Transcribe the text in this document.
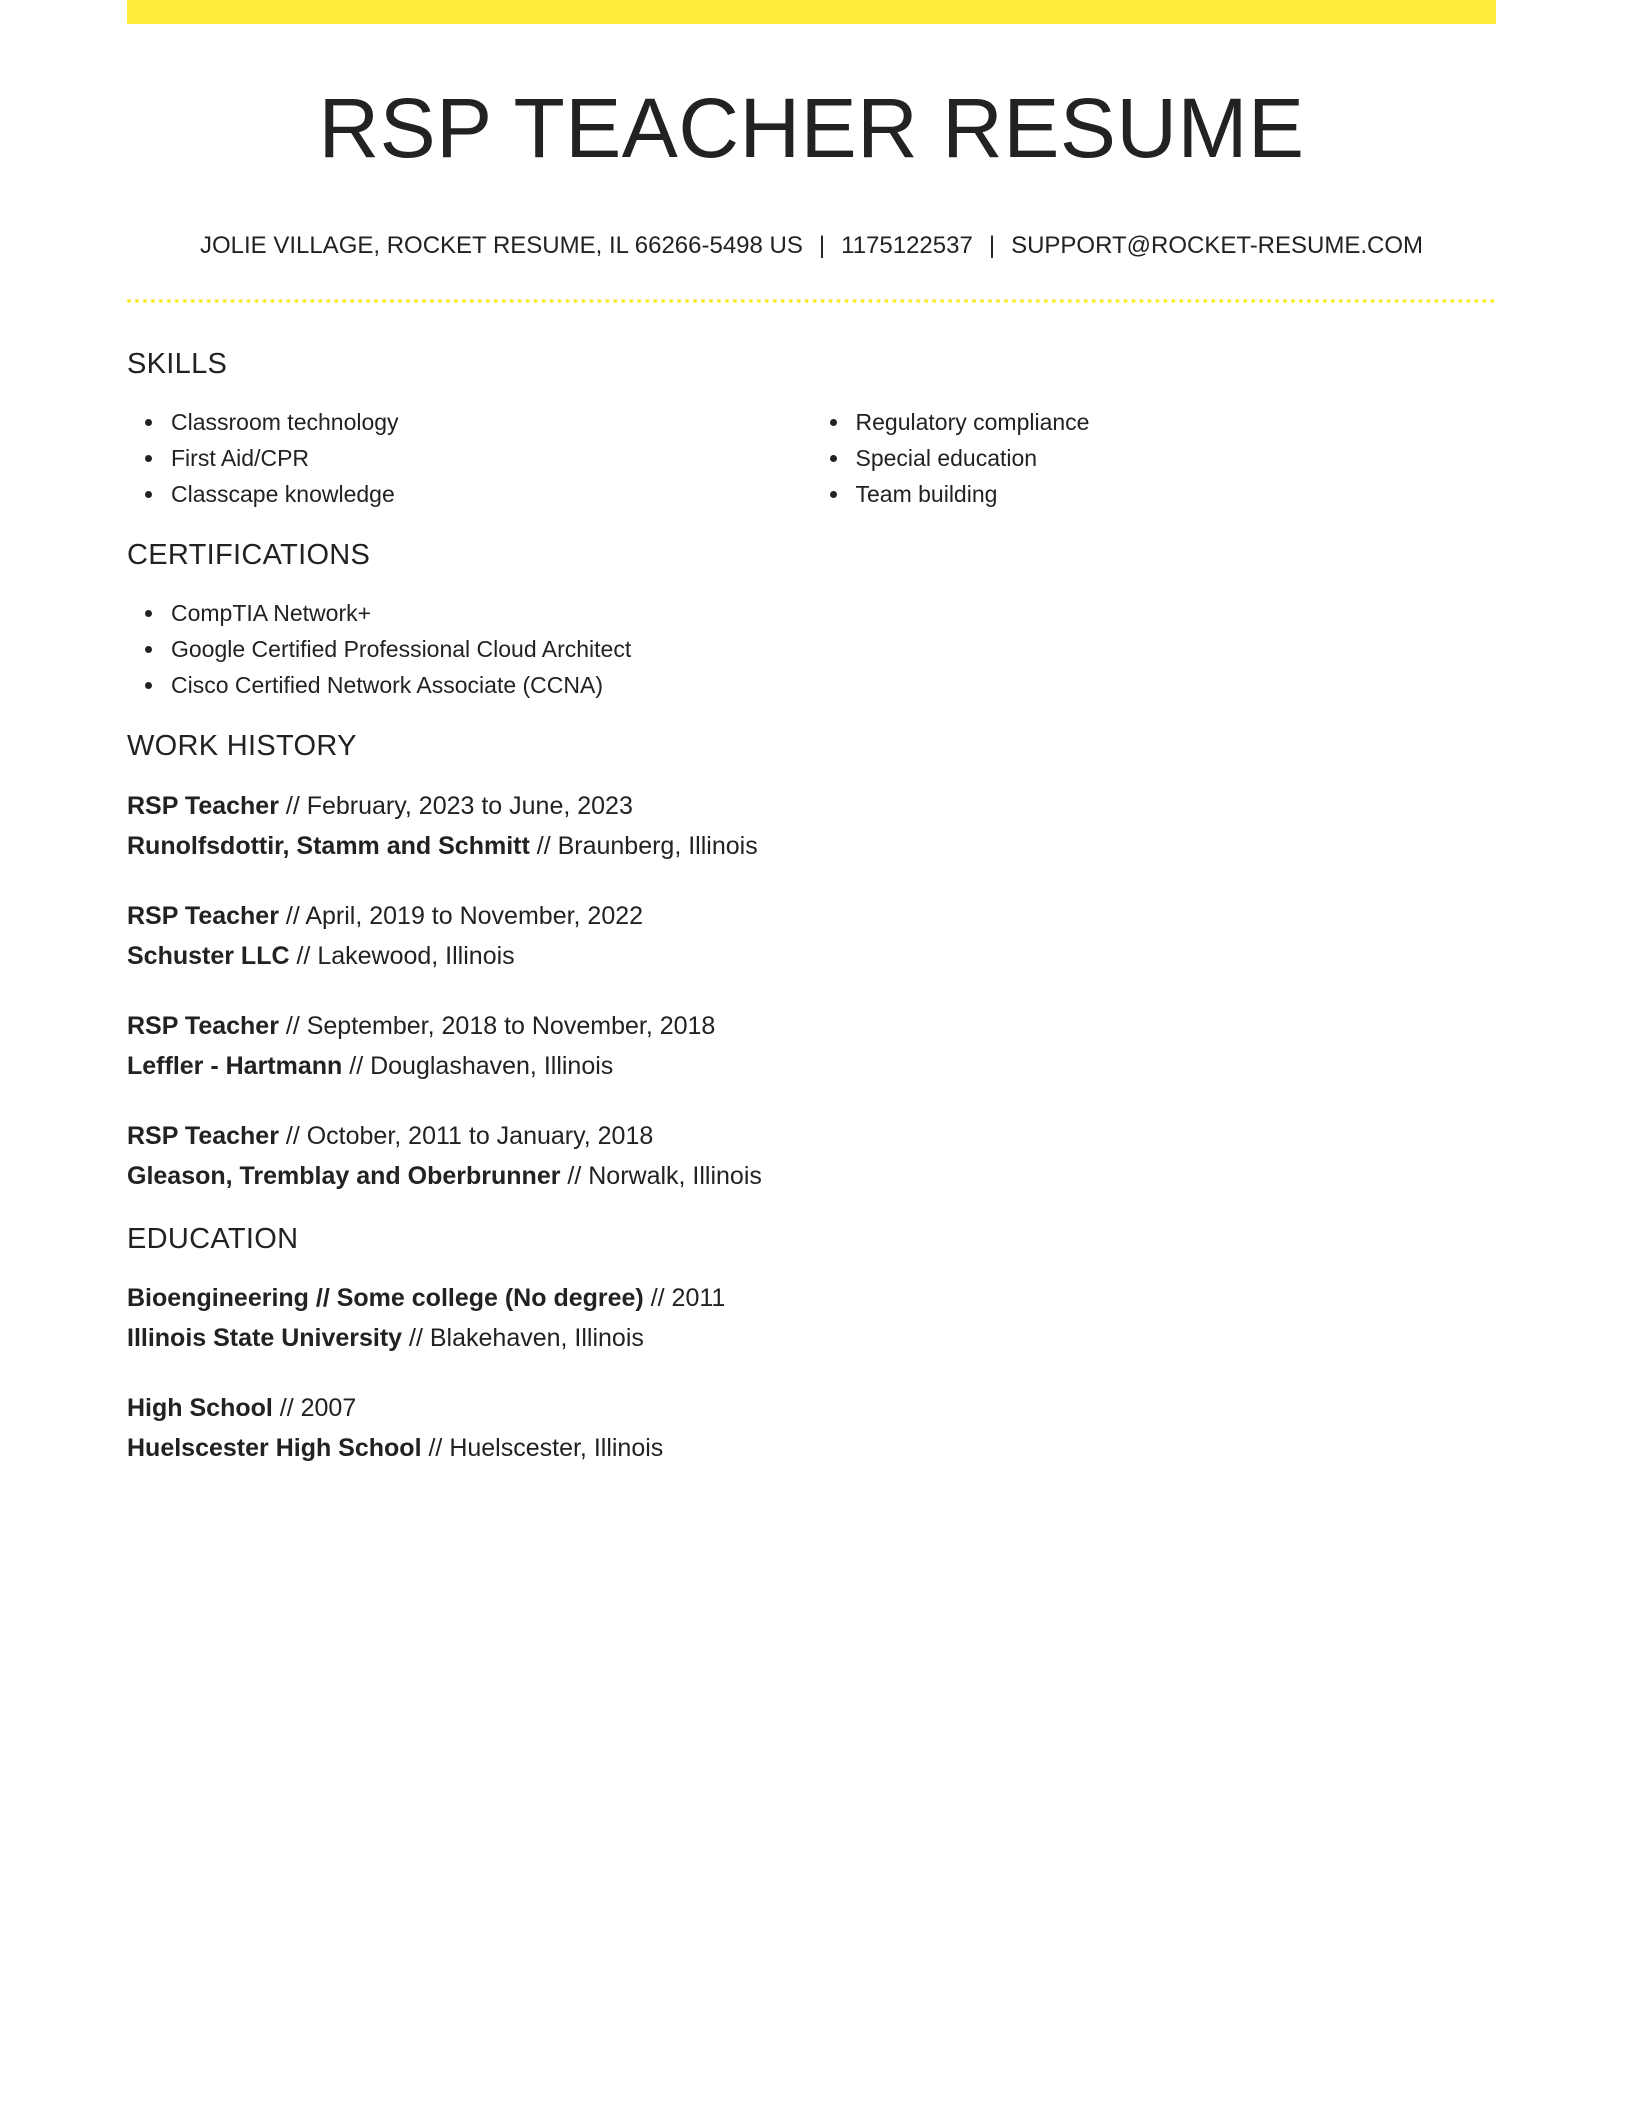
RSP TEACHER RESUME
JOLIE VILLAGE, ROCKET RESUME, IL 66266-5498 US | 1175122537 | SUPPORT@ROCKET-RESUME.COM
SKILLS
Classroom technology
First Aid/CPR
Classcape knowledge
Regulatory compliance
Special education
Team building
CERTIFICATIONS
CompTIA Network+
Google Certified Professional Cloud Architect
Cisco Certified Network Associate (CCNA)
WORK HISTORY
RSP Teacher // February, 2023 to June, 2023
Runolfsdottir, Stamm and Schmitt // Braunberg, Illinois
RSP Teacher // April, 2019 to November, 2022
Schuster LLC // Lakewood, Illinois
RSP Teacher // September, 2018 to November, 2018
Leffler - Hartmann // Douglashaven, Illinois
RSP Teacher // October, 2011 to January, 2018
Gleason, Tremblay and Oberbrunner // Norwalk, Illinois
EDUCATION
Bioengineering // Some college (No degree) // 2011
Illinois State University // Blakehaven, Illinois
High School // 2007
Huelscester High School // Huelscester, Illinois
